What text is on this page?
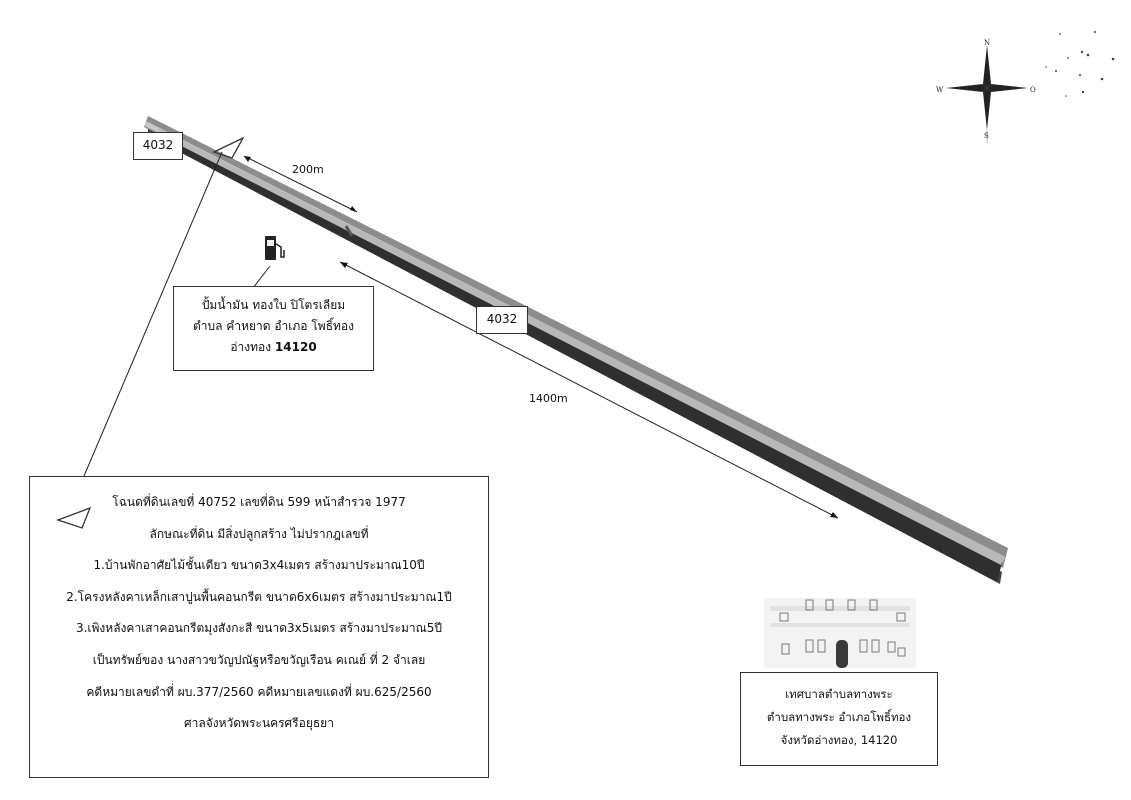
N
S
W	O
4032
4032
200m
1400m
ปั้มน้ำมัน ทองใบ ปิโตรเลียม
ตำบล คำหยาด อำเภอ โพธิ์ทอง
อ่างทอง 14120
เทศบาลตำบลทางพระ
ตำบลทางพระ อำเภอโพธิ์ทอง
จังหวัดอ่างทอง, 14120
โฉนดที่ดินเลขที่ 40752 เลขที่ดิน 599 หน้าสำรวจ 1977
ลักษณะที่ดิน มีสิ่งปลูกสร้าง ไม่ปรากฎเลขที่
1.บ้านพักอาศัยไม้ชั้นเดียว ขนาด3x4เมตร สร้างมาประมาณ10ปี
2.โครงหลังคาเหล็กเสาปูนพื้นคอนกรีต ขนาด6x6เมตร สร้างมาประมาณ1ปี
3.เพิงหลังคาเสาคอนกรีตมุงสังกะสี ขนาด3x5เมตร สร้างมาประมาณ5ปี
เป็นทรัพย์ของ นางสาวขวัญปณัฐหรือขวัญเรือน คเณย์ ที่ 2 จำเลย
คดีหมายเลขดำที่ ผบ.377/2560 คดีหมายเลขแดงที่ ผบ.625/2560
ศาลจังหวัดพระนครศรีอยุธยา
